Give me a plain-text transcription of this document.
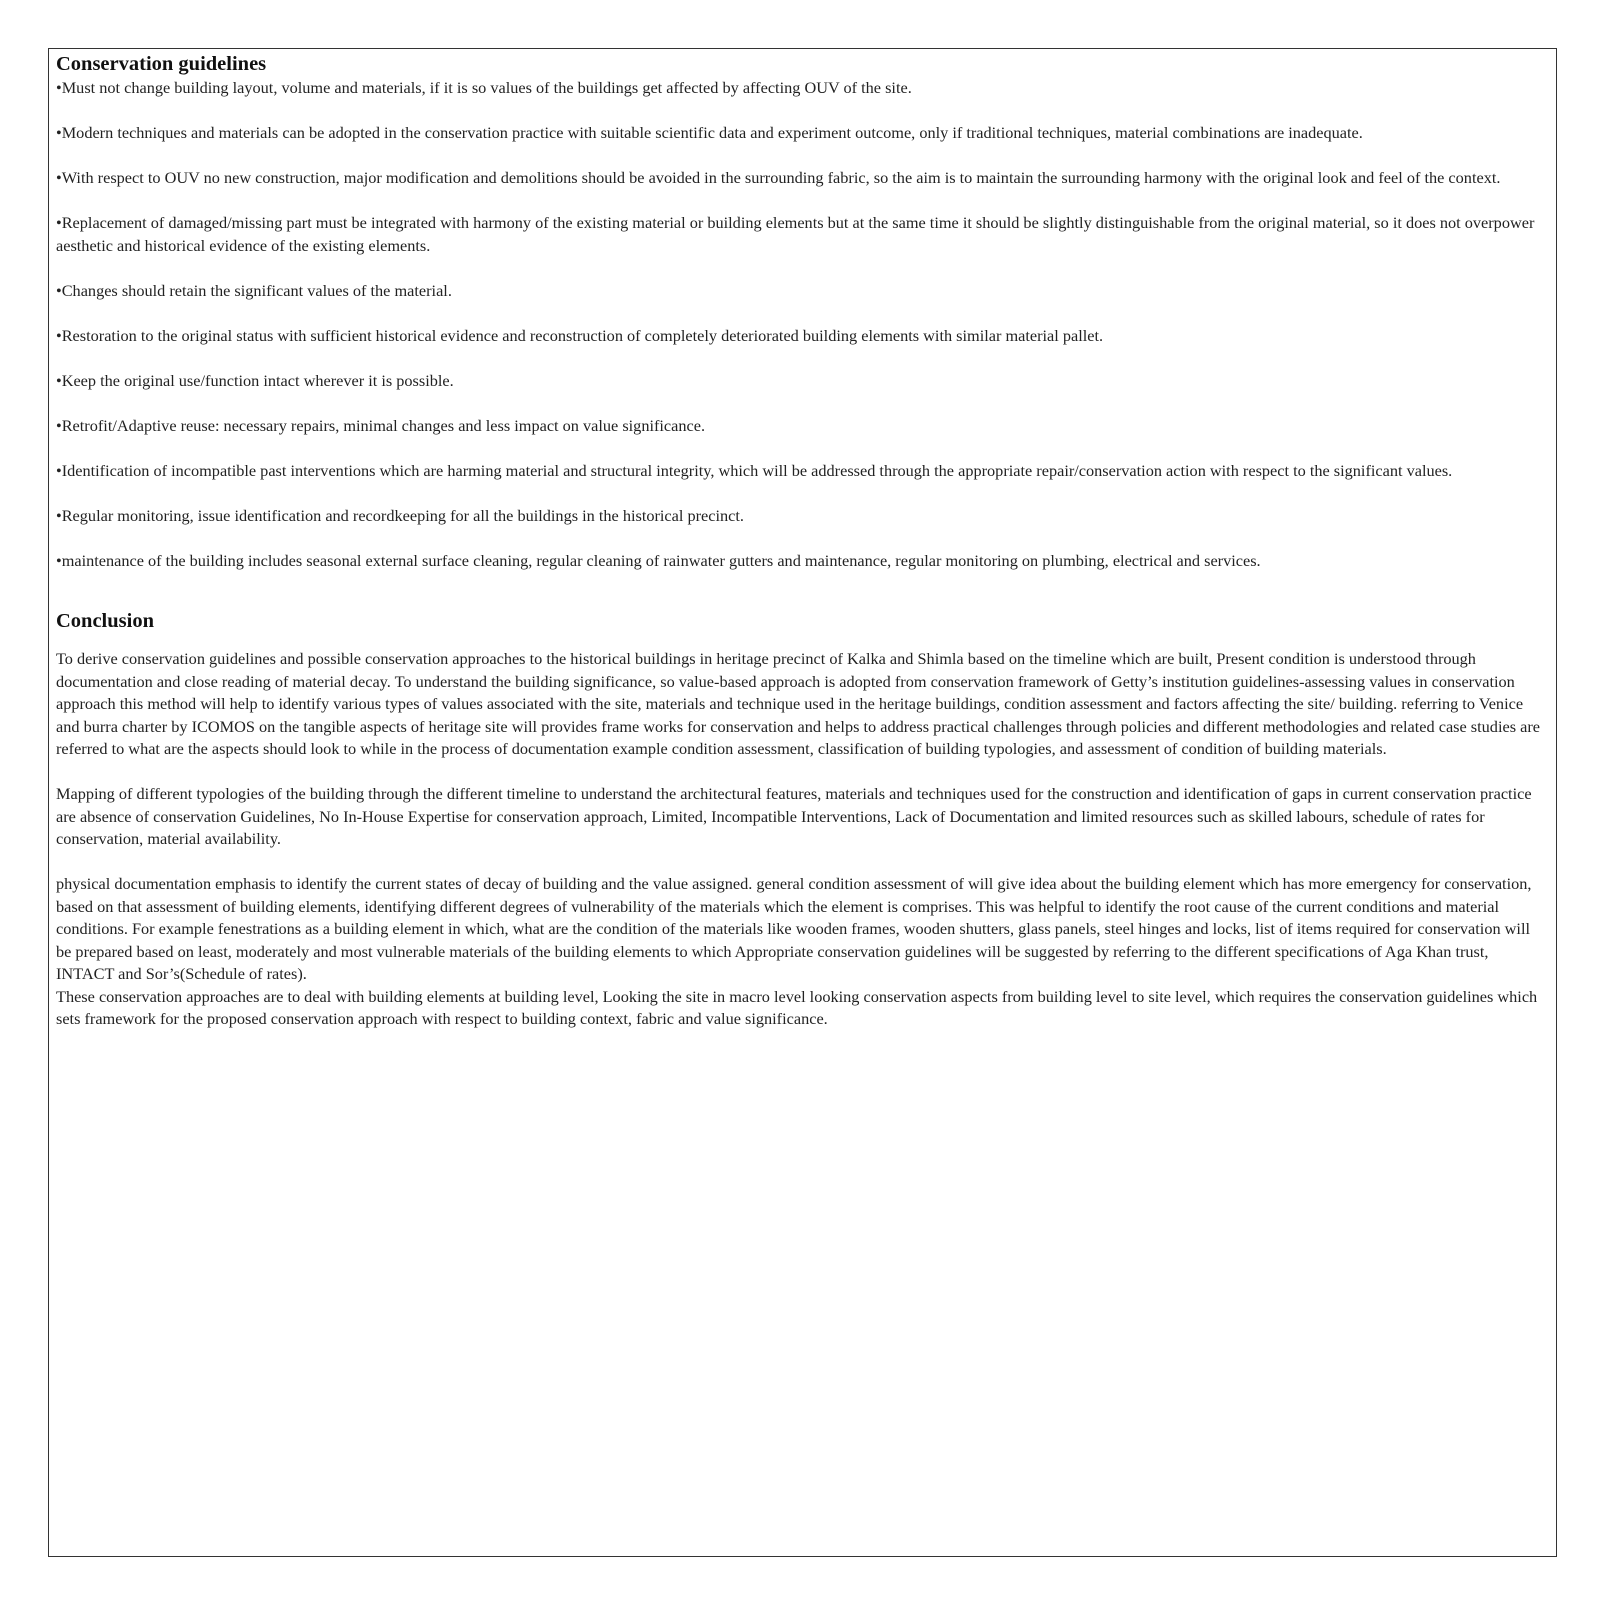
Conservation guidelines

•Must not change building layout, volume and materials, if it is so values of the buildings get affected by affecting OUV of the site.

•Modern techniques and materials can be adopted in the conservation practice with suitable scientific data and experiment outcome, only if traditional techniques, material combinations are inadequate.

•With respect to OUV no new construction, major modification and demolitions should be avoided in the surrounding fabric, so the aim is to maintain the surrounding harmony with the original look and feel of the context.

•Replacement of damaged/missing part must be integrated with harmony of the existing material or building elements but at the same time it should be slightly distinguishable from the original material, so it does not overpower aesthetic and historical evidence of the existing elements.

•Changes should retain the significant values of the material.

•Restoration to the original status with sufficient historical evidence and reconstruction of completely deteriorated building elements with similar material pallet.

•Keep the original use/function intact wherever it is possible.

•Retrofit/Adaptive reuse: necessary repairs, minimal changes and less impact on value significance.

•Identification of incompatible past interventions which are harming material and structural integrity, which will be addressed through the appropriate repair/conservation action with respect to the significant values.

•Regular monitoring, issue identification and recordkeeping for all the buildings in the historical precinct.

•maintenance of the building includes seasonal external surface cleaning, regular cleaning of rainwater gutters and maintenance, regular monitoring on plumbing, electrical and services.

Conclusion

To derive conservation guidelines and possible conservation approaches to the historical buildings in heritage precinct of Kalka and Shimla based on the timeline which are built, Present condition is understood through documentation and close reading of material decay. To understand the building significance, so value-based approach is adopted from conservation framework of Getty’s institution guidelines-assessing values in conservation approach this method will help to identify various types of values associated with the site, materials and technique used in the heritage buildings, condition assessment and factors affecting the site/ building. referring to Venice and burra charter by ICOMOS on the tangible aspects of heritage site will provides frame works for conservation and helps to address practical challenges through policies and different methodologies and related case studies are referred to what are the aspects should look to while in the process of documentation example condition assessment, classification of building typologies, and assessment of condition of building materials.

Mapping of different typologies of the building through the different timeline to understand the architectural features, materials and techniques used for the construction and identification of gaps in current conservation practice are absence of conservation Guidelines, No In-House Expertise for conservation approach, Limited, Incompatible Interventions, Lack of Documentation and limited resources such as skilled labours, schedule of rates for conservation, material availability.

physical documentation emphasis to identify the current states of decay of building and the value assigned. general condition assessment of will give idea about the building element which has more emergency for conservation, based on that assessment of building elements, identifying different degrees of vulnerability of the materials which the element is comprises. This was helpful to identify the root cause of the current conditions and material conditions. For example fenestrations as a building element in which, what are the condition of the materials like wooden frames, wooden shutters, glass panels, steel hinges and locks, list of items required for conservation will be prepared based on least, moderately and most vulnerable materials of the building elements to which Appropriate conservation guidelines will be suggested by referring to the different specifications of Aga Khan trust, INTACT and Sor’s(Schedule of rates).

These conservation approaches are to deal with building elements at building level, Looking the site in macro level looking conservation aspects from building level to site level, which requires the conservation guidelines which sets framework for the proposed conservation approach with respect to building context, fabric and value significance.
